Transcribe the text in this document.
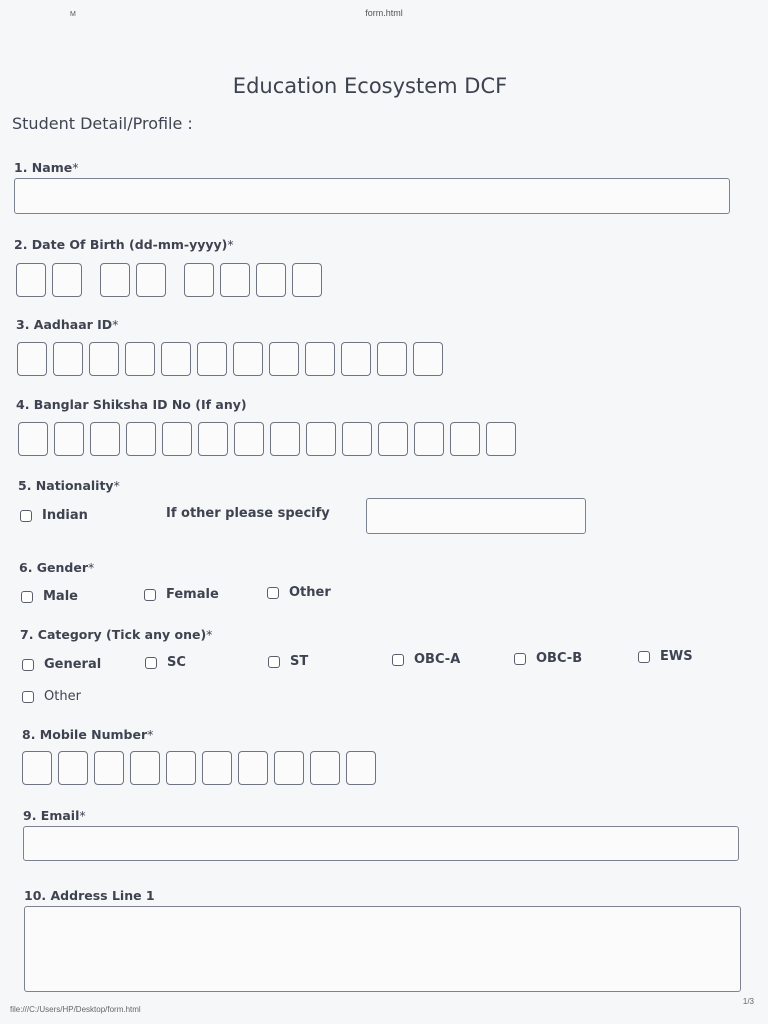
M	form.html
Education Ecosystem DCF
Student Detail/Profile :
1. Name*
2. Date Of Birth (dd-mm-yyyy)*
3. Aadhaar ID*
4. Banglar Shiksha ID No (If any)
5. Nationality*
Indian	If other please specify
6. Gender*
Male	Female	Other
7. Category (Tick any one)*
General	SC	ST	OBC-A	OBC-B	EWS
Other
8. Mobile Number*
9. Email*
10. Address Line 1
file:///C:/Users/HP/Desktop/form.html
1/3
